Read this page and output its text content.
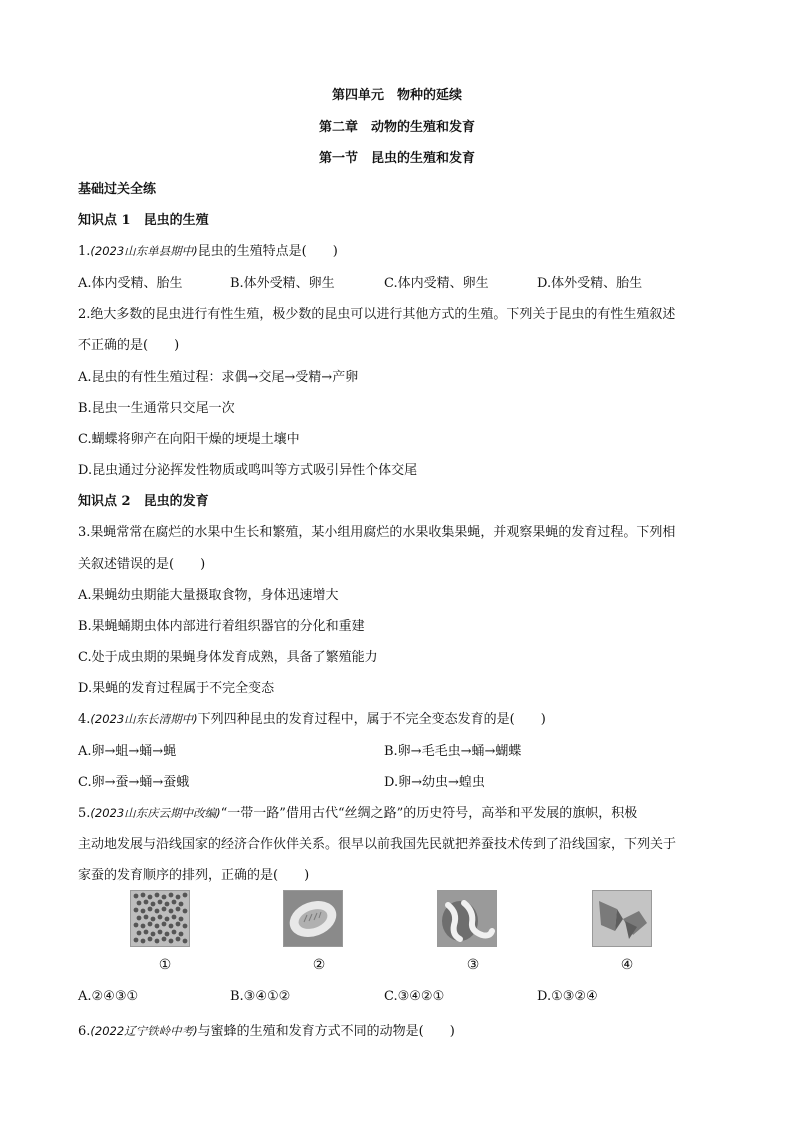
第四单元　物种的延续
第二章　动物的生殖和发育
第一节　昆虫的生殖和发育
基础过关全练
知识点 1　昆虫的生殖
1.(2023山东单县期中)昆虫的生殖特点是(　　)
A.体内受精、胎生	B.体外受精、卵生	C.体内受精、卵生	D.体外受精、胎生
2.绝大多数的昆虫进行有性生殖，极少数的昆虫可以进行其他方式的生殖。下列关于昆虫的有性生殖叙述
不正确的是(　　)
A.昆虫的有性生殖过程：求偶→交尾→受精→产卵
B.昆虫一生通常只交尾一次
C.蝴蝶将卵产在向阳干燥的埂堤土壤中
D.昆虫通过分泌挥发性物质或鸣叫等方式吸引异性个体交尾
知识点 2　昆虫的发育
3.果蝇常常在腐烂的水果中生长和繁殖，某小组用腐烂的水果收集果蝇，并观察果蝇的发育过程。下列相
关叙述错误的是(　　)
A.果蝇幼虫期能大量摄取食物，身体迅速增大
B.果蝇蛹期虫体内部进行着组织器官的分化和重建
C.处于成虫期的果蝇身体发育成熟，具备了繁殖能力
D.果蝇的发育过程属于不完全变态
4.(2023山东长清期中)下列四种昆虫的发育过程中，属于不完全变态发育的是(　　)
A.卵→蛆→蛹→蝇	B.卵→毛毛虫→蛹→蝴蝶
C.卵→蚕→蛹→蚕蛾	D.卵→幼虫→蝗虫
5.(2023山东庆云期中改编)“一带一路”借用古代“丝绸之路”的历史符号，高举和平发展的旗帜，积极
主动地发展与沿线国家的经济合作伙伴关系。很早以前我国先民就把养蚕技术传到了沿线国家，下列关于
家蚕的发育顺序的排列，正确的是(　　)
①	②	③	④
A.②④③①	B.③④①②	C.③④②①	D.①③②④
6.(2022辽宁铁岭中考)与蜜蜂的生殖和发育方式不同的动物是(　　)
